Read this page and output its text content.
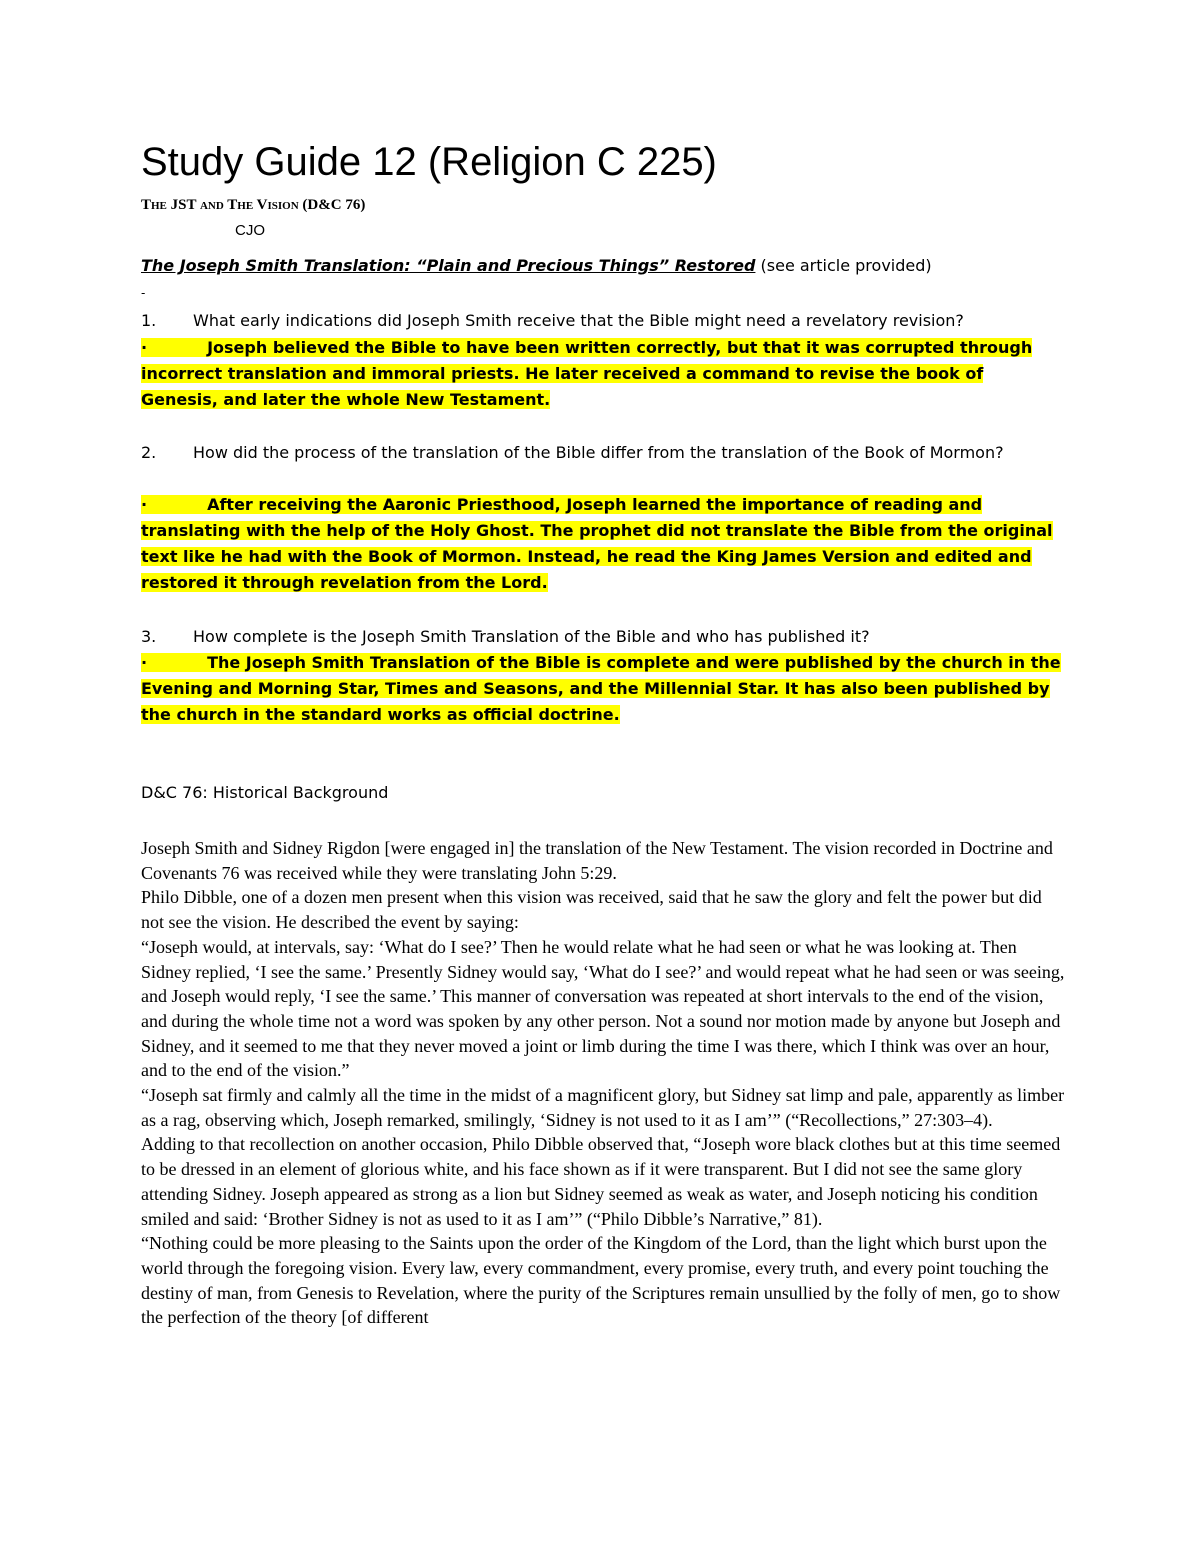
Study Guide 12 (Religion C 225)
The JST and The Vision (D&C 76)
CJO
The Joseph Smith Translation: “Plain and Precious Things” Restored (see article provided)
-
1. What early indications did Joseph Smith receive that the Bible might need a revelatory revision?
·	Joseph believed the Bible to have been written correctly, but that it was corrupted through incorrect translation and immoral priests. He later received a command to revise the book of Genesis, and later the whole New Testament.
2. How did the process of the translation of the Bible differ from the translation of the Book of Mormon?
·	After receiving the Aaronic Priesthood, Joseph learned the importance of reading and translating with the help of the Holy Ghost. The prophet did not translate the Bible from the original text like he had with the Book of Mormon. Instead, he read the King James Version and edited and restored it through revelation from the Lord.
3. How complete is the Joseph Smith Translation of the Bible and who has published it?
·	The Joseph Smith Translation of the Bible is complete and were published by the church in the Evening and Morning Star, Times and Seasons, and the Millennial Star. It has also been published by the church in the standard works as official doctrine.
D&C 76: Historical Background

Joseph Smith and Sidney Rigdon [were engaged in] the translation of the New Testament. The vision recorded in Doctrine and Covenants 76 was received while they were translating John 5:29.

Philo Dibble, one of a dozen men present when this vision was received, said that he saw the glory and felt the power but did not see the vision. He described the event by saying:

“Joseph would, at intervals, say: ‘What do I see?’ Then he would relate what he had seen or what he was looking at. Then Sidney replied, ‘I see the same.’ Presently Sidney would say, ‘What do I see?’ and would repeat what he had seen or was seeing, and Joseph would reply, ‘I see the same.’ This manner of conversation was repeated at short intervals to the end of the vision, and during the whole time not a word was spoken by any other person. Not a sound nor motion made by anyone but Joseph and Sidney, and it seemed to me that they never moved a joint or limb during the time I was there, which I think was over an hour, and to the end of the vision.”

“Joseph sat firmly and calmly all the time in the midst of a magnificent glory, but Sidney sat limp and pale, apparently as limber as a rag, observing which, Joseph remarked, smilingly, ‘Sidney is not used to it as I am’” (“Recollections,” 27:303–4).

Adding to that recollection on another occasion, Philo Dibble observed that, “Joseph wore black clothes but at this time seemed to be dressed in an element of glorious white, and his face shown as if it were transparent. But I did not see the same glory attending Sidney. Joseph appeared as strong as a lion but Sidney seemed as weak as water, and Joseph noticing his condition smiled and said: ‘Brother Sidney is not as used to it as I am’” (“Philo Dibble’s Narrative,” 81).

“Nothing could be more pleasing to the Saints upon the order of the Kingdom of the Lord, than the light which burst upon the world through the foregoing vision. Every law, every commandment, every promise, every truth, and every point touching the destiny of man, from Genesis to Revelation, where the purity of the Scriptures remain unsullied by the folly of men, go to show the perfection of the theory [of different
